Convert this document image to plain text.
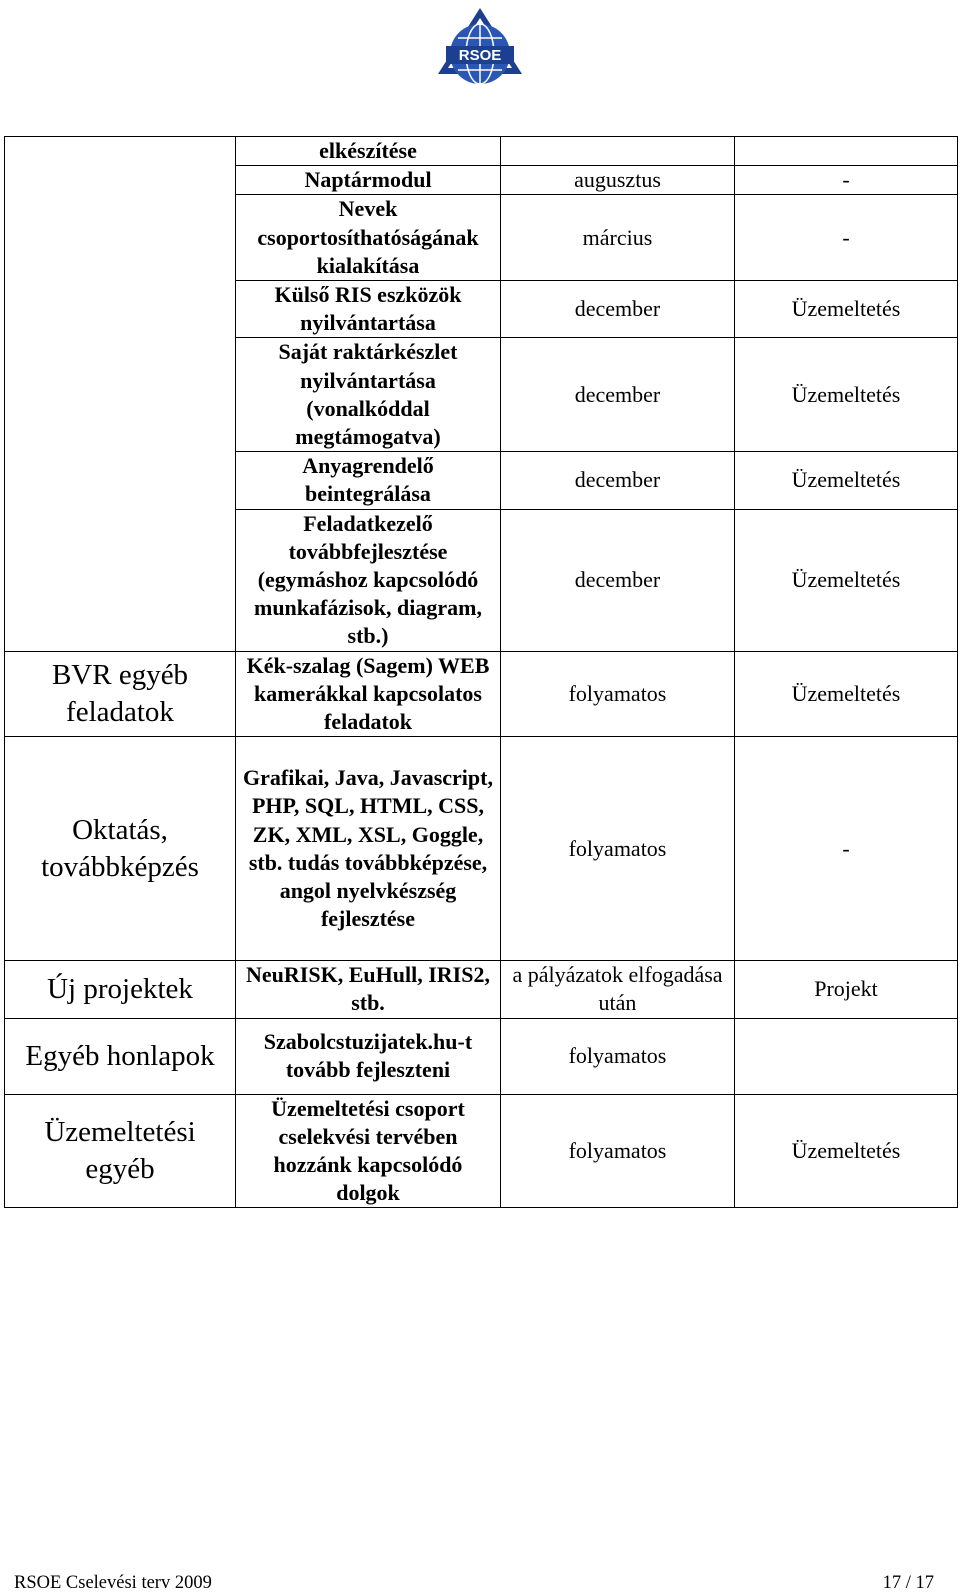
RSOE
	elkészítése		
	Naptármodul	augusztus	-
	Nevek csoportosíthatóságának kialakítása	március	-
	Külső RIS eszközök nyilvántartása	december	Üzemeltetés
	Saját raktárkészlet nyilvántartása (vonalkóddal megtámogatva)	december	Üzemeltetés
	Anyagrendelő beintegrálása	december	Üzemeltetés
	Feladatkezelő továbbfejlesztése (egymáshoz kapcsolódó munkafázisok, diagram, stb.)	december	Üzemeltetés
BVR egyéb feladatok	Kék-szalag (Sagem) WEB kamerákkal kapcsolatos feladatok	folyamatos	Üzemeltetés
Oktatás, továbbképzés	Grafikai, Java, Javascript, PHP, SQL, HTML, CSS, ZK, XML, XSL, Goggle, stb. tudás továbbképzése, angol nyelvkészség fejlesztése	folyamatos	-
Új projektek	NeuRISK, EuHull, IRIS2, stb.	a pályázatok elfogadása után	Projekt
Egyéb honlapok	Szabolcstuzijatek.hu-t tovább fejleszteni	folyamatos	
Üzemeltetési egyéb	Üzemeltetési csoport cselekvési tervében hozzánk kapcsolódó dolgok	folyamatos	Üzemeltetés
RSOE Cselevési terv 2009	17 / 17
